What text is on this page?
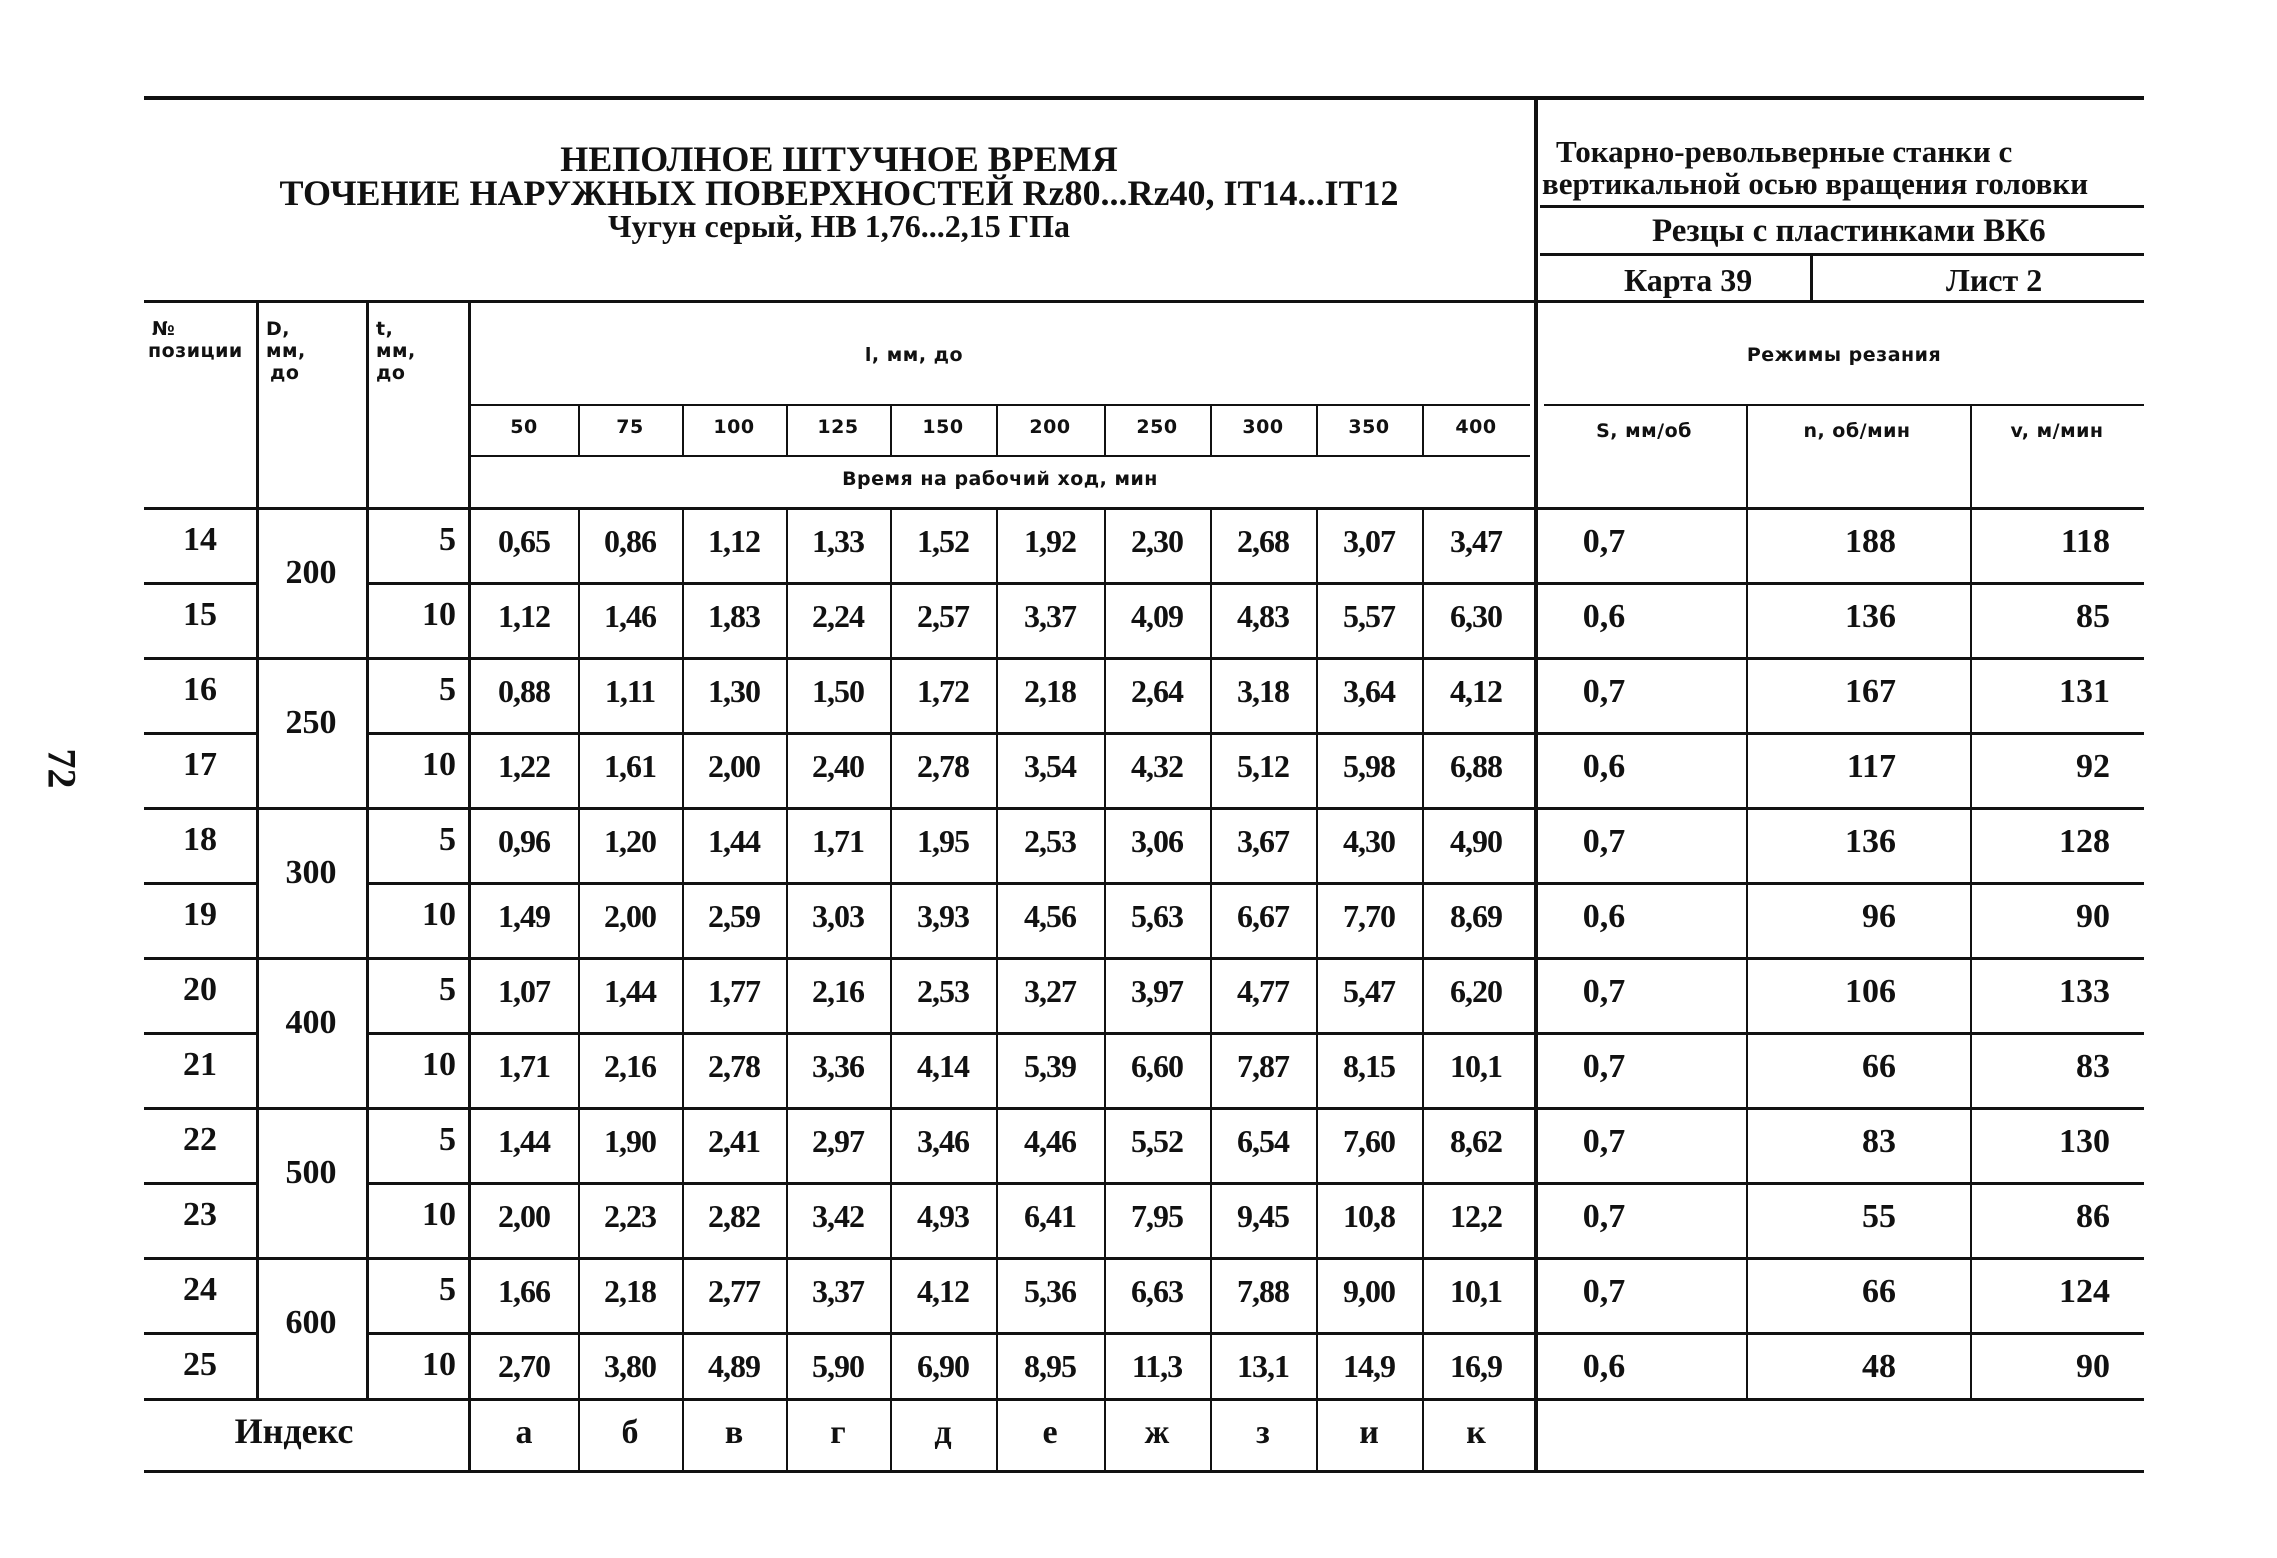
72
НЕПОЛНОЕ ШТУЧНОЕ ВРЕМЯ
ТОЧЕНИЕ НАРУЖНЫХ ПОВЕРХНОСТЕЙ Rz80...Rz40, IT14...IT12
Чугун серый, НВ 1,76...2,15 ГПа
Токарно-револьверные станки с
вертикальной осью вращения головки
Резцы с пластинками ВК6
Карта 39	Лист 2
№
позиции
D,
мм,
до
t,
мм,
до
l, мм, до
Время на рабочий ход, мин
Режимы резания
S, мм/об	n, об/мин	v, м/мин
50	75	100	125	150	200	250	300	350	400
200
14	5	0,65	0,86	1,12	1,33	1,52	1,92	2,30	2,68	3,07	3,47	0,7	188	118
15	10	1,12	1,46	1,83	2,24	2,57	3,37	4,09	4,83	5,57	6,30	0,6	136	85
250
16	5	0,88	1,11	1,30	1,50	1,72	2,18	2,64	3,18	3,64	4,12	0,7	167	131
17	10	1,22	1,61	2,00	2,40	2,78	3,54	4,32	5,12	5,98	6,88	0,6	117	92
300
18	5	0,96	1,20	1,44	1,71	1,95	2,53	3,06	3,67	4,30	4,90	0,7	136	128
19	10	1,49	2,00	2,59	3,03	3,93	4,56	5,63	6,67	7,70	8,69	0,6	96	90
400
20	5	1,07	1,44	1,77	2,16	2,53	3,27	3,97	4,77	5,47	6,20	0,7	106	133
21	10	1,71	2,16	2,78	3,36	4,14	5,39	6,60	7,87	8,15	10,1	0,7	66	83
500
22	5	1,44	1,90	2,41	2,97	3,46	4,46	5,52	6,54	7,60	8,62	0,7	83	130
23	10	2,00	2,23	2,82	3,42	4,93	6,41	7,95	9,45	10,8	12,2	0,7	55	86
600
24	5	1,66	2,18	2,77	3,37	4,12	5,36	6,63	7,88	9,00	10,1	0,7	66	124
25	10	2,70	3,80	4,89	5,90	6,90	8,95	11,3	13,1	14,9	16,9	0,6	48	90
Индекс	а	б	в	г	д	е	ж	з	и	к
